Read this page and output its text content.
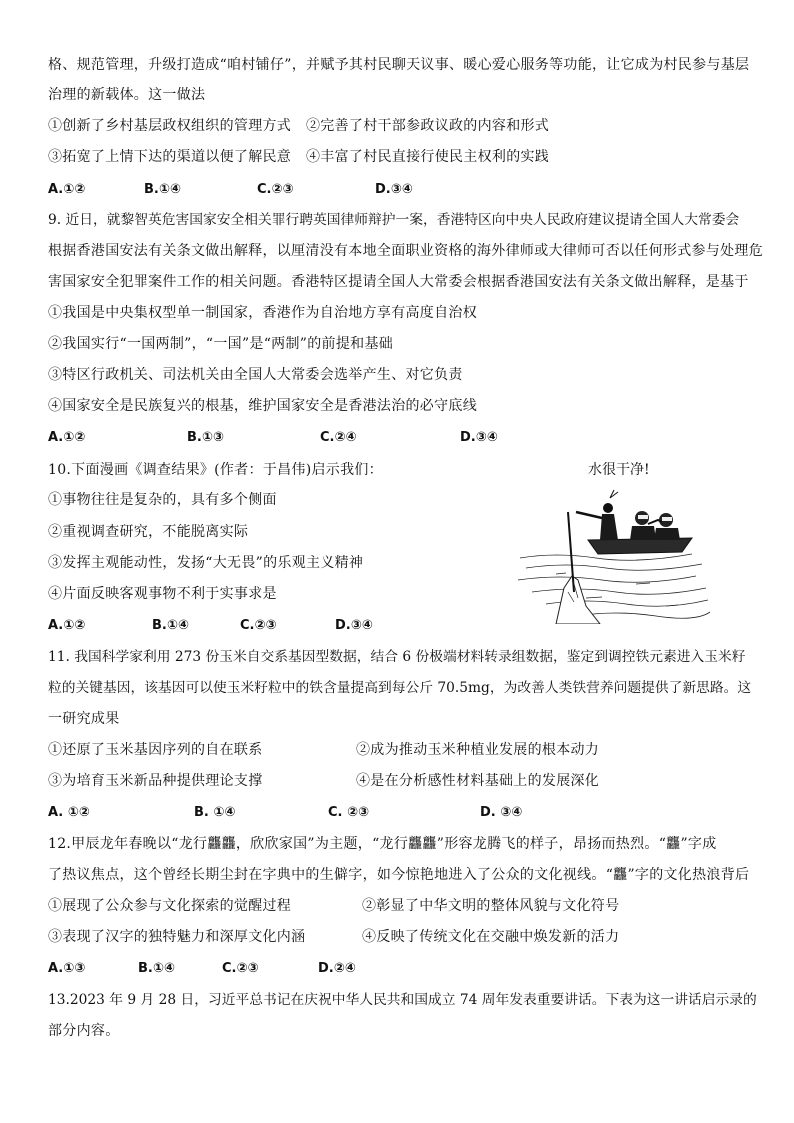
格、规范管理，升级打造成“咱村铺仔”，并赋予其村民聊天议事、暖心爱心服务等功能，让它成为村民参与基层
治理的新载体。这一做法
①创新了乡村基层政权组织的管理方式 ②完善了村干部参政议政的内容和形式
③拓宽了上情下达的渠道以便了解民意 ④丰富了村民直接行使民主权利的实践
A.①②	B.①④	C.②③	D.③④
9. 近日，就黎智英危害国家安全相关罪行聘英国律师辩护一案，香港特区向中央人民政府建议提请全国人大常委会
根据香港国安法有关条文做出解释，以厘清没有本地全面职业资格的海外律师或大律师可否以任何形式参与处理危
害国家安全犯罪案件工作的相关问题。香港特区提请全国人大常委会根据香港国安法有关条文做出解释，是基于
①我国是中央集权型单一制国家，香港作为自治地方享有高度自治权
②我国实行“一国两制”，“一国”是“两制”的前提和基础
③特区行政机关、司法机关由全国人大常委会选举产生、对它负责
④国家安全是民族复兴的根基，维护国家安全是香港法治的必守底线
A.①②	B.①③	C.②④	D.③④
10.下面漫画《调查结果》(作者：于昌伟)启示我们：	水很干净!
①事物往往是复杂的，具有多个侧面
②重视调查研究，不能脱离实际
③发挥主观能动性，发扬“大无畏”的乐观主义精神
④片面反映客观事物不利于实事求是
A.①②	B.①④	C.②③	D.③④
11. 我国科学家利用 273 份玉米自交系基因型数据，结合 6 份极端材料转录组数据，鉴定到调控铁元素进入玉米籽
粒的关键基因，该基因可以使玉米籽粒中的铁含量提高到每公斤 70.5mg，为改善人类铁营养问题提供了新思路。这
一研究成果
①还原了玉米基因序列的自在联系	②成为推动玉米种植业发展的根本动力
③为培育玉米新品种提供理论支撑	④是在分析感性材料基础上的发展深化
A. ①②	B. ①④	C. ②③	D. ③④
12.甲辰龙年春晚以“龙行龘龘，欣欣家国”为主题，“龙行龘龘”形容龙腾飞的样子，昂扬而热烈。“龘”字成
了热议焦点，这个曾经长期尘封在字典中的生僻字，如今惊艳地进入了公众的文化视线。“龘”字的文化热浪背后
①展现了公众参与文化探索的觉醒过程	②彰显了中华文明的整体风貌与文化符号
③表现了汉字的独特魅力和深厚文化内涵	④反映了传统文化在交融中焕发新的活力
A.①③	B.①④	C.②③	D.②④
13.2023 年 9 月 28 日，习近平总书记在庆祝中华人民共和国成立 74 周年发表重要讲话。下表为这一讲话启示录的
部分内容。
